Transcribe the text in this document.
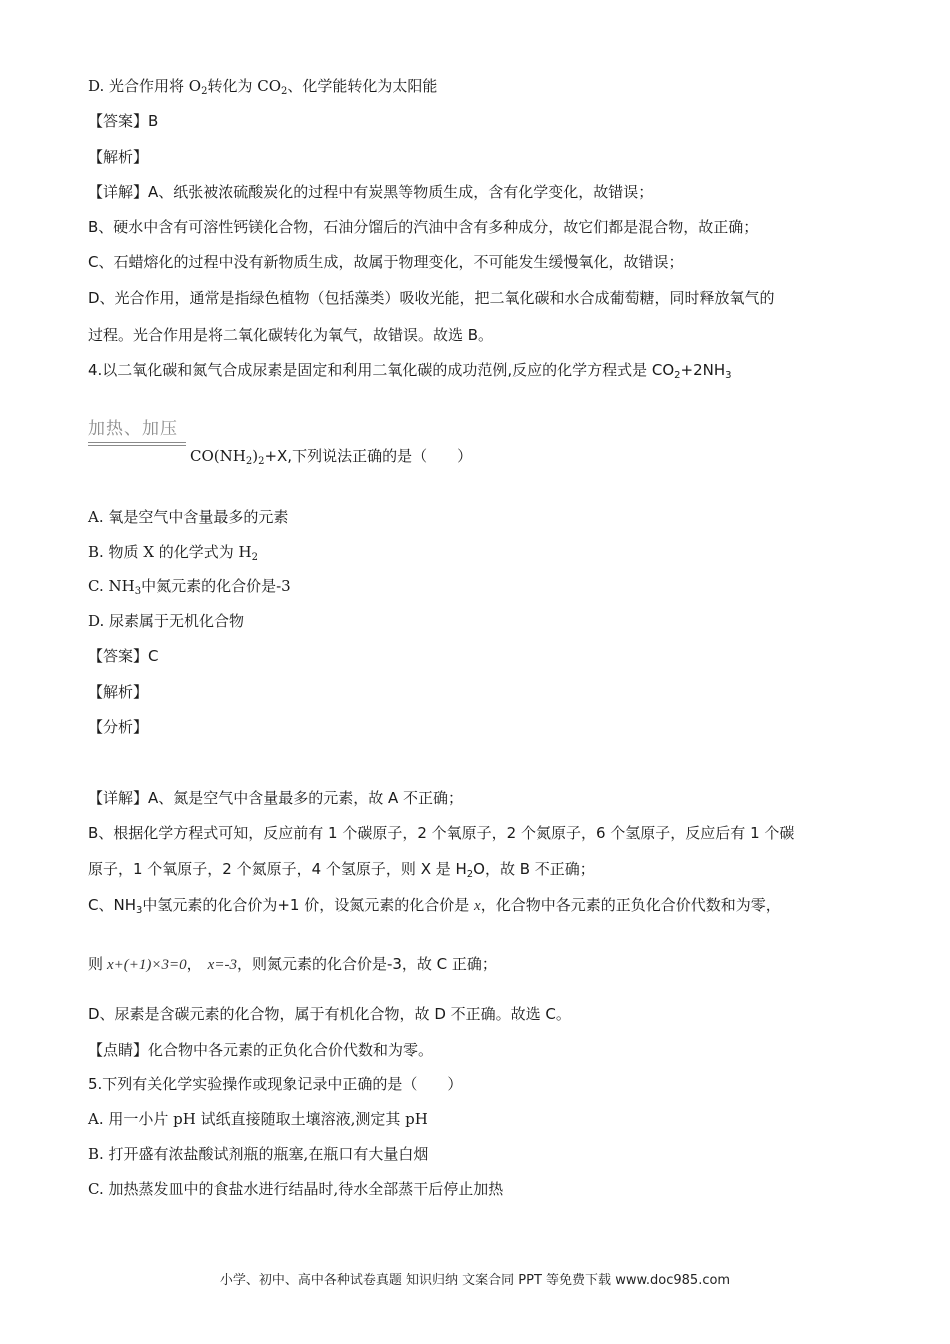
D. 光合作用将 $O_2$转化为 $CO_2$、化学能转化为太阳能
【答案】B
【解析】
【详解】A、纸张被浓硫酸炭化的过程中有炭黑等物质生成，含有化学变化，故错误；
B、硬水中含有可溶性钙镁化合物，石油分馏后的汽油中含有多种成分，故它们都是混合物，故正确；
C、石蜡熔化的过程中没有新物质生成，故属于物理变化，不可能发生缓慢氧化，故错误；
D、光合作用，通常是指绿色植物（包括藻类）吸收光能，把二氧化碳和水合成葡萄糖，同时释放氧气的
过程。光合作用是将二氧化碳转化为氧气，故错误。故选 B。
4.以二氧化碳和氮气合成尿素是固定和利用二氧化碳的成功范例,反应的化学方程式是 $CO_2+2NH_3$
加热、加压
$CO(NH_2)_2+X$,下列说法正确的是（　　）
A. 氧是空气中含量最多的元素
B. 物质 X 的化学式为 $H_2$
C. $NH_3$中氮元素的化合价是-3
D. 尿素属于无机化合物
【答案】C
【解析】
【分析】
【详解】A、氮是空气中含量最多的元素，故 A 不正确；
B、根据化学方程式可知，反应前有 1 个碳原子，2 个氧原子，2 个氮原子，6 个氢原子，反应后有 1 个碳
原子，1 个氧原子，2 个氮原子，4 个氢原子，则 X 是 $H_2O$，故 B 不正确；
C、$NH_3$中氢元素的化合价为+1 价，设氮元素的化合价是 x，化合物中各元素的正负化合价代数和为零，
则 x+(+1)×3=0， x=-3，则氮元素的化合价是-3，故 C 正确；
D、尿素是含碳元素的化合物，属于有机化合物，故 D 不正确。故选 C。
【点睛】化合物中各元素的正负化合价代数和为零。
5.下列有关化学实验操作或现象记录中正确的是（　　）
A. 用一小片 pH 试纸直接随取土壤溶液,测定其 pH
B. 打开盛有浓盐酸试剂瓶的瓶塞,在瓶口有大量白烟
C. 加热蒸发皿中的食盐水进行结晶时,待水全部蒸干后停止加热
小学、初中、高中各种试卷真题 知识归纳 文案合同 PPT 等免费下载 www.doc985.com
